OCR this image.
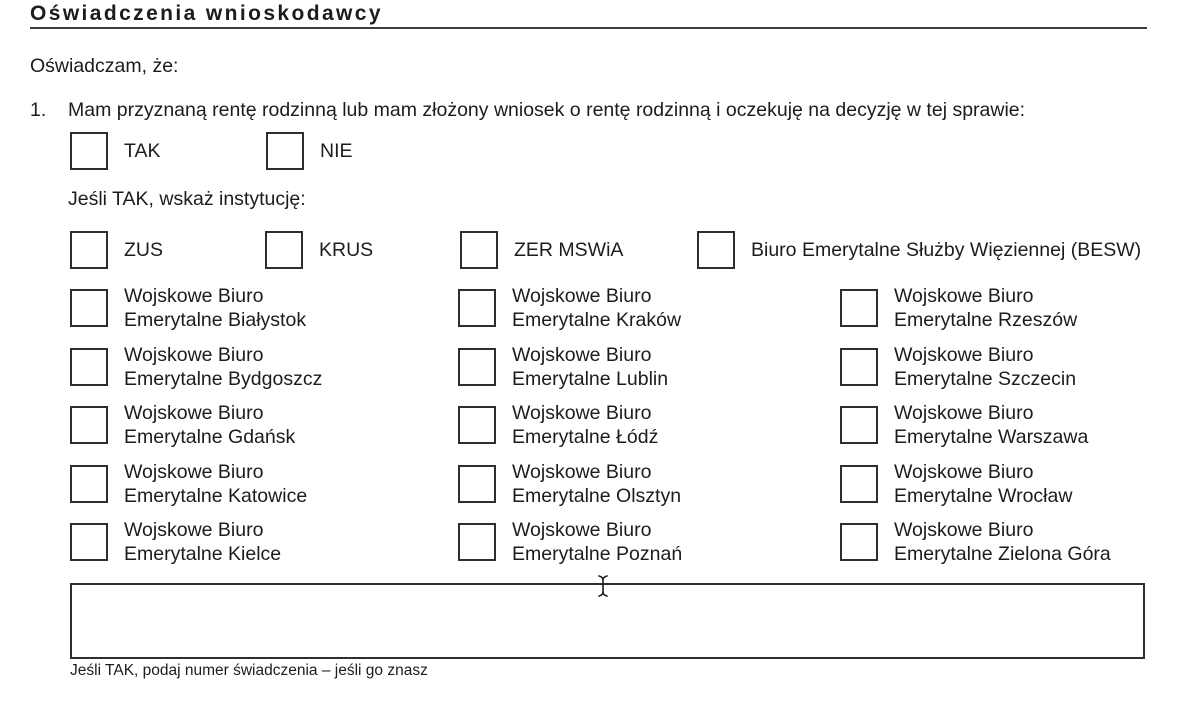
Oświadczenia wnioskodawcy
Oświadczam, że:
1. Mam przyznaną rentę rodzinną lub mam złożony wniosek o rentę rodzinną i oczekuję na decyzję w tej sprawie:
TAK	NIE
Jeśli TAK, wskaż instytucję:
ZUS	KRUS	ZER MSWiA	Biuro Emerytalne Służby Więziennej (BESW)
Wojskowe Biuro
Emerytalne Białystok
Wojskowe Biuro
Emerytalne Kraków
Wojskowe Biuro
Emerytalne Rzeszów
Wojskowe Biuro
Emerytalne Bydgoszcz
Wojskowe Biuro
Emerytalne Lublin
Wojskowe Biuro
Emerytalne Szczecin
Wojskowe Biuro
Emerytalne Gdańsk
Wojskowe Biuro
Emerytalne Łódź
Wojskowe Biuro
Emerytalne Warszawa
Wojskowe Biuro
Emerytalne Katowice
Wojskowe Biuro
Emerytalne Olsztyn
Wojskowe Biuro
Emerytalne Wrocław
Wojskowe Biuro
Emerytalne Kielce
Wojskowe Biuro
Emerytalne Poznań
Wojskowe Biuro
Emerytalne Zielona Góra
Jeśli TAK, podaj numer świadczenia – jeśli go znasz
